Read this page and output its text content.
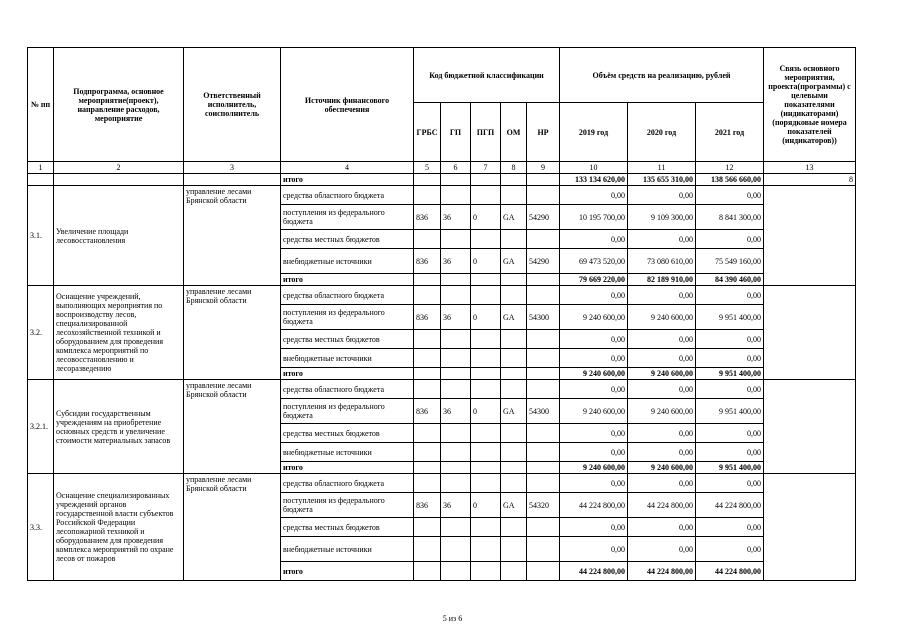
№ пп	Подпрограмма, основное мероприятие(проект), направление расходов, мероприятие	Ответственный исполнитель, соисполнитель	Источник финансового обеспечения	Код бюджетной классификации					Объём средств на реализацию, рублей			Связь основного мероприятия, проекта(программы) с целевыми показателями (индикаторами) (порядковые номера показателей (индикаторов))
				ГРБС	ГП	ПГП	ОМ	НР	2019 год	2020 год	2021 год	
1	2	3	4	5	6	7	8	9	10	11	12	13
			итого						133 134 620,00	135 655 310,00	138 566 660,00	8
3.1.	Увеличение площади лесовосстановления	управление лесами Брянской области	средства областного бюджета						0,00	0,00	0,00	
			поступления из федерального бюджета	836	36	0	GA	54290	10 195 700,00	9 109 300,00	8 841 300,00	
			средства местных бюджетов						0,00	0,00	0,00	
			внебюджетные источники	836	36	0	GA	54290	69 473 520,00	73 080 610,00	75 549 160,00	
			итого						79 669 220,00	82 189 910,00	84 390 460,00	
3.2.	Оснащение учреждений, выполняющих мероприятия по воспроизводству лесов, специализированной лесохозяйственной техникой и оборудованием для проведения комплекса мероприятий по лесовосстановлению и лесоразведению	управление лесами Брянской области	средства областного бюджета						0,00	0,00	0,00	
			поступления из федерального бюджета	836	36	0	GA	54300	9 240 600,00	9 240 600,00	9 951 400,00	
			средства местных бюджетов						0,00	0,00	0,00	
			внебюджетные источники						0,00	0,00	0,00	
			итого						9 240 600,00	9 240 600,00	9 951 400,00	
3.2.1.	Субсидии государственным учреждениям на приобретение основных средств и увеличение стоимости материальных запасов	управление лесами Брянской области	средства областного бюджета						0,00	0,00	0,00	
			поступления из федерального бюджета	836	36	0	GA	54300	9 240 600,00	9 240 600,00	9 951 400,00	
			средства местных бюджетов						0,00	0,00	0,00	
			внебюджетные источники						0,00	0,00	0,00	
			итого						9 240 600,00	9 240 600,00	9 951 400,00	
3.3.	Оснащение специализированных учреждений органов государственной власти субъектов Российской Федерации лесопожарной техникой и оборудованием для проведения комплекса мероприятий по охране лесов от пожаров	управление лесами Брянской области	средства областного бюджета						0,00	0,00	0,00	
			поступления из федерального бюджета	836	36	0	GA	54320	44 224 800,00	44 224 800,00	44 224 800,00	
			средства местных бюджетов						0,00	0,00	0,00	
			внебюджетные источники						0,00	0,00	0,00	
			итого						44 224 800,00	44 224 800,00	44 224 800,00	
5 из 6
